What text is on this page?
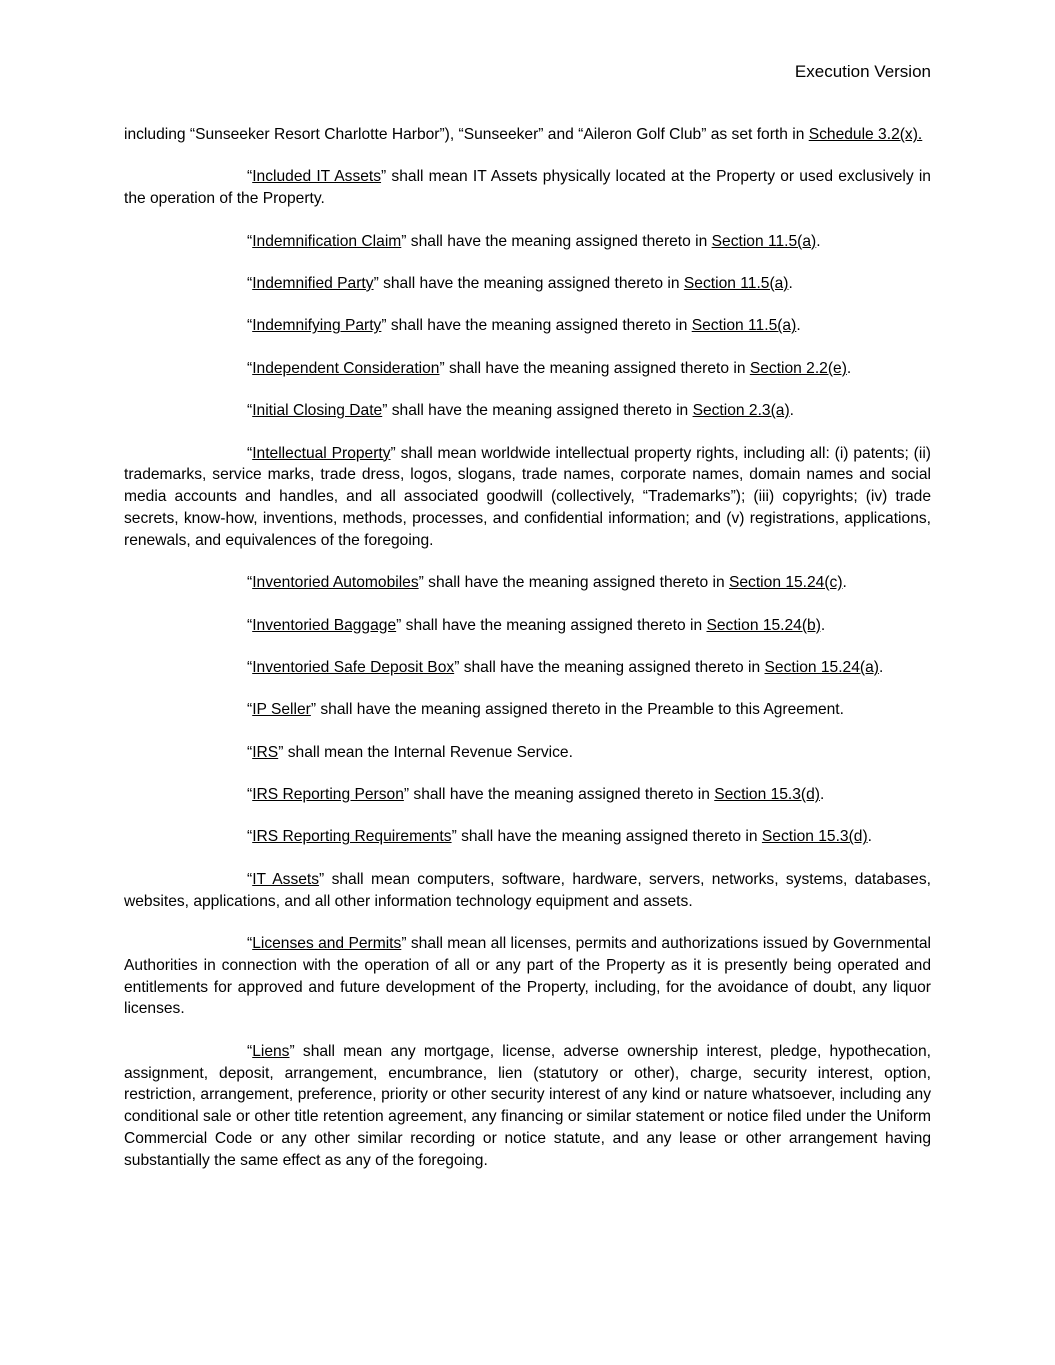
Execution Version

including “Sunseeker Resort Charlotte Harbor”), “Sunseeker” and “Aileron Golf Club” as set forth in Schedule 3.2(x).

“Included IT Assets” shall mean IT Assets physically located at the Property or used exclusively in the operation of the Property.

“Indemnification Claim” shall have the meaning assigned thereto in Section 11.5(a).

“Indemnified Party” shall have the meaning assigned thereto in Section 11.5(a).

“Indemnifying Party” shall have the meaning assigned thereto in Section 11.5(a).

“Independent Consideration” shall have the meaning assigned thereto in Section 2.2(e).

“Initial Closing Date” shall have the meaning assigned thereto in Section 2.3(a).

“Intellectual Property” shall mean worldwide intellectual property rights, including all: (i) patents; (ii) trademarks, service marks, trade dress, logos, slogans, trade names, corporate names, domain names and social media accounts and handles, and all associated goodwill (collectively, “Trademarks”); (iii) copyrights; (iv) trade secrets, know-how, inventions, methods, processes, and confidential information; and (v) registrations, applications, renewals, and equivalences of the foregoing.

“Inventoried Automobiles” shall have the meaning assigned thereto in Section 15.24(c).

“Inventoried Baggage” shall have the meaning assigned thereto in Section 15.24(b).

“Inventoried Safe Deposit Box” shall have the meaning assigned thereto in Section 15.24(a).

“IP Seller” shall have the meaning assigned thereto in the Preamble to this Agreement.

“IRS” shall mean the Internal Revenue Service.

“IRS Reporting Person” shall have the meaning assigned thereto in Section 15.3(d).

“IRS Reporting Requirements” shall have the meaning assigned thereto in Section 15.3(d).

“IT Assets” shall mean computers, software, hardware, servers, networks, systems, databases, websites, applications, and all other information technology equipment and assets.

“Licenses and Permits” shall mean all licenses, permits and authorizations issued by Governmental Authorities in connection with the operation of all or any part of the Property as it is presently being operated and entitlements for approved and future development of the Property, including, for the avoidance of doubt, any liquor licenses.

“Liens” shall mean any mortgage, license, adverse ownership interest, pledge, hypothecation, assignment, deposit, arrangement, encumbrance, lien (statutory or other), charge, security interest, option, restriction, arrangement, preference, priority or other security interest of any kind or nature whatsoever, including any conditional sale or other title retention agreement, any financing or similar statement or notice filed under the Uniform Commercial Code or any other similar recording or notice statute, and any lease or other arrangement having substantially the same effect as any of the foregoing.
